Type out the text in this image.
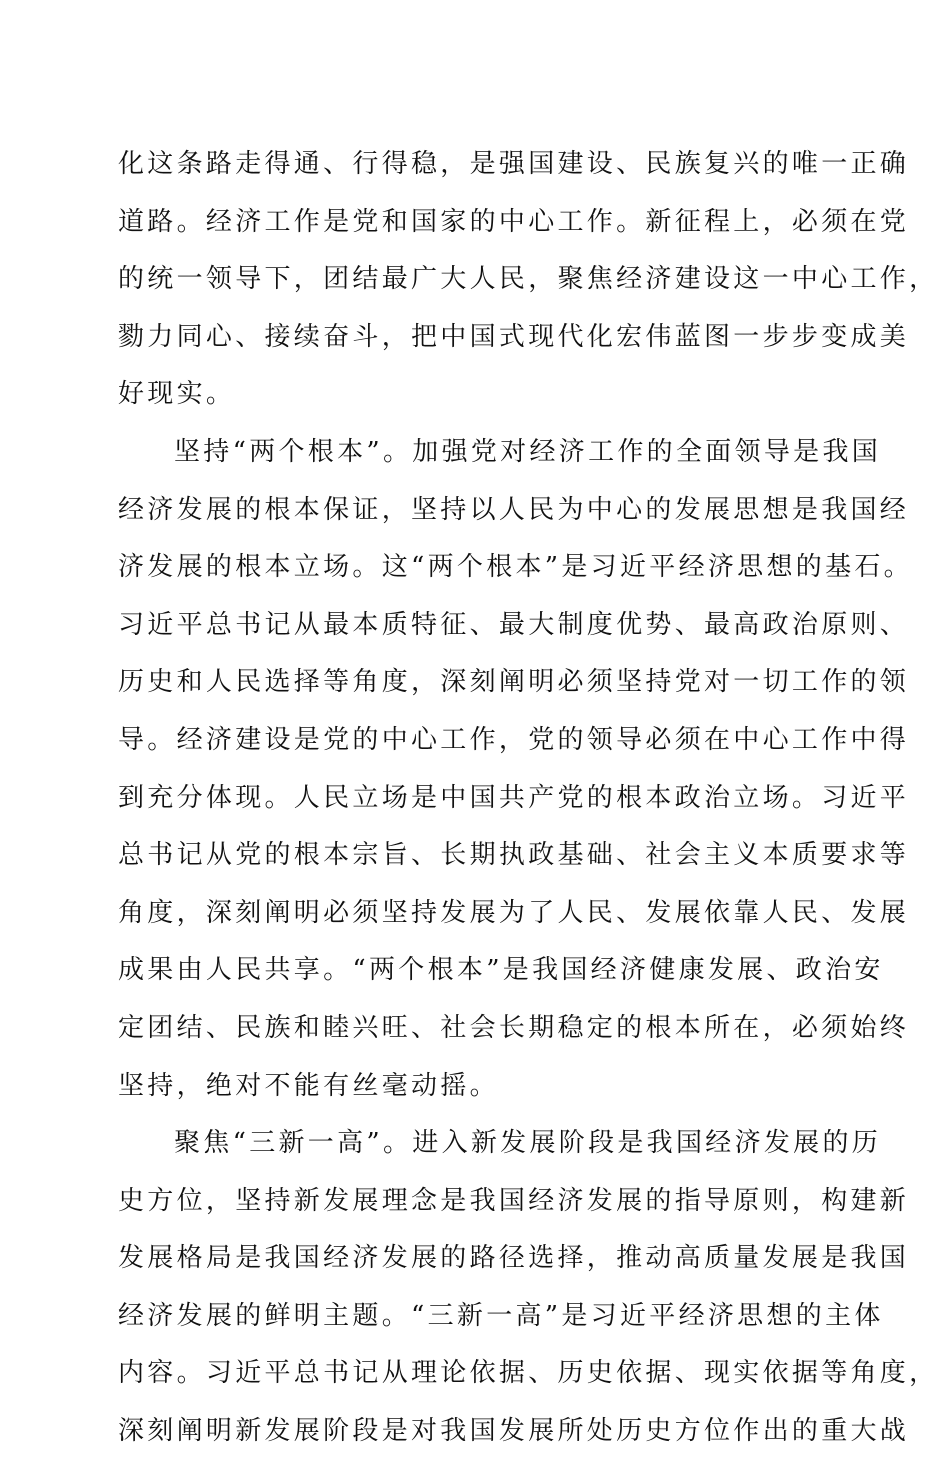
化这条路走得通、行得稳，是强国建设、民族复兴的唯一正确
道路。经济工作是党和国家的中心工作。新征程上，必须在党
的统一领导下，团结最广大人民，聚焦经济建设这一中心工作，
勠力同心、接续奋斗，把中国式现代化宏伟蓝图一步步变成美
好现实。
坚持“两个根本”。加强党对经济工作的全面领导是我国
经济发展的根本保证，坚持以人民为中心的发展思想是我国经
济发展的根本立场。这“两个根本”是习近平经济思想的基石。
习近平总书记从最本质特征、最大制度优势、最高政治原则、
历史和人民选择等角度，深刻阐明必须坚持党对一切工作的领
导。经济建设是党的中心工作，党的领导必须在中心工作中得
到充分体现。人民立场是中国共产党的根本政治立场。习近平
总书记从党的根本宗旨、长期执政基础、社会主义本质要求等
角度，深刻阐明必须坚持发展为了人民、发展依靠人民、发展
成果由人民共享。“两个根本”是我国经济健康发展、政治安
定团结、民族和睦兴旺、社会长期稳定的根本所在，必须始终
坚持，绝对不能有丝毫动摇。
聚焦“三新一高”。进入新发展阶段是我国经济发展的历
史方位，坚持新发展理念是我国经济发展的指导原则，构建新
发展格局是我国经济发展的路径选择，推动高质量发展是我国
经济发展的鲜明主题。“三新一高”是习近平经济思想的主体
内容。习近平总书记从理论依据、历史依据、现实依据等角度，
深刻阐明新发展阶段是对我国发展所处历史方位作出的重大战
